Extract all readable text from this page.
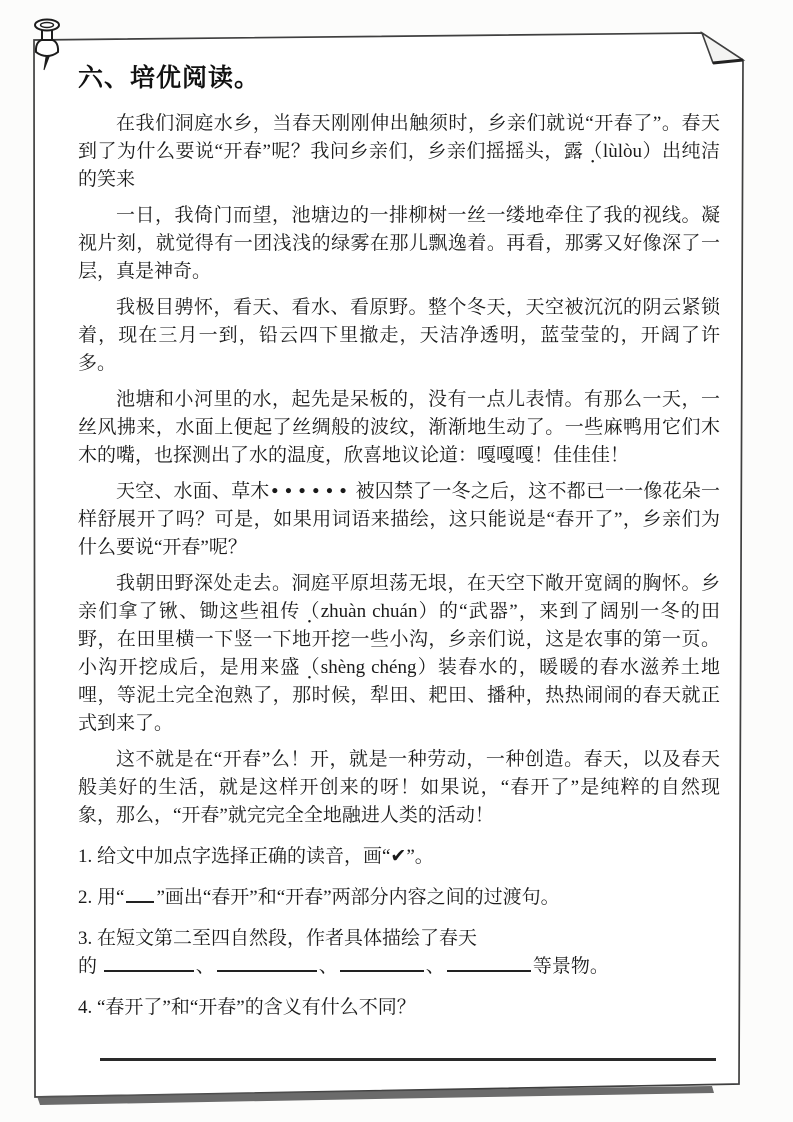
六、培优阅读。

在我们洞庭水乡，当春天刚刚伸出触须时，乡亲们就说“开春了”。春天到了为什么要说“开春”呢？我问乡亲们，乡亲们摇摇头，露（lùlòu）出纯洁的笑来

一日，我倚门而望，池塘边的一排柳树一丝一缕地牵住了我的视线。凝视片刻，就觉得有一团浅浅的绿雾在那儿飘逸着。再看，那雾又好像深了一层，真是神奇。

我极目骋怀，看天、看水、看原野。整个冬天，天空被沉沉的阴云紧锁着，现在三月一到，铅云四下里撤走，天洁净透明，蓝莹莹的，开阔了许多。

池塘和小河里的水，起先是呆板的，没有一点儿表情。有那么一天，一丝风拂来，水面上便起了丝绸般的波纹，渐渐地生动了。一些麻鸭用它们木木的嘴，也探测出了水的温度，欣喜地议论道：嘎嘎嘎！佳佳佳！

天空、水面、草木 •••••• 被囚禁了一冬之后，这不都已一一像花朵一样舒展开了吗？可是，如果用词语来描绘，这只能说是“春开了”，乡亲们为什么要说“开春”呢？

我朝田野深处走去。洞庭平原坦荡无垠，在天空下敞开宽阔的胸怀。乡亲们拿了锹、锄这些祖传（zhuàn chuán）的“武器”，来到了阔别一冬的田野，在田里横一下竖一下地开挖一些小沟，乡亲们说，这是农事的第一页。小沟开挖成后，是用来盛（shèng chéng）装春水的，暖暖的春水滋养土地哩，等泥土完全泡熟了，那时候，犁田、耙田、播种，热热闹闹的春天就正式到来了。

这不就是在“开春”么！开，就是一种劳动，一种创造。春天，以及春天般美好的生活，就是这样开创来的呀！如果说，“春开了”是纯粹的自然现象，那么，“开春”就完完全全地融进人类的活动！

1. 给文中加点字选择正确的读音，画“✔”。

2. 用“ ”画出“春开”和“开春”两部分内容之间的过渡句。

3. 在短文第二至四自然段，作者具体描绘了春天
的	、	、	、	等景物。

4. “春开了”和“开春”的含义有什么不同？
